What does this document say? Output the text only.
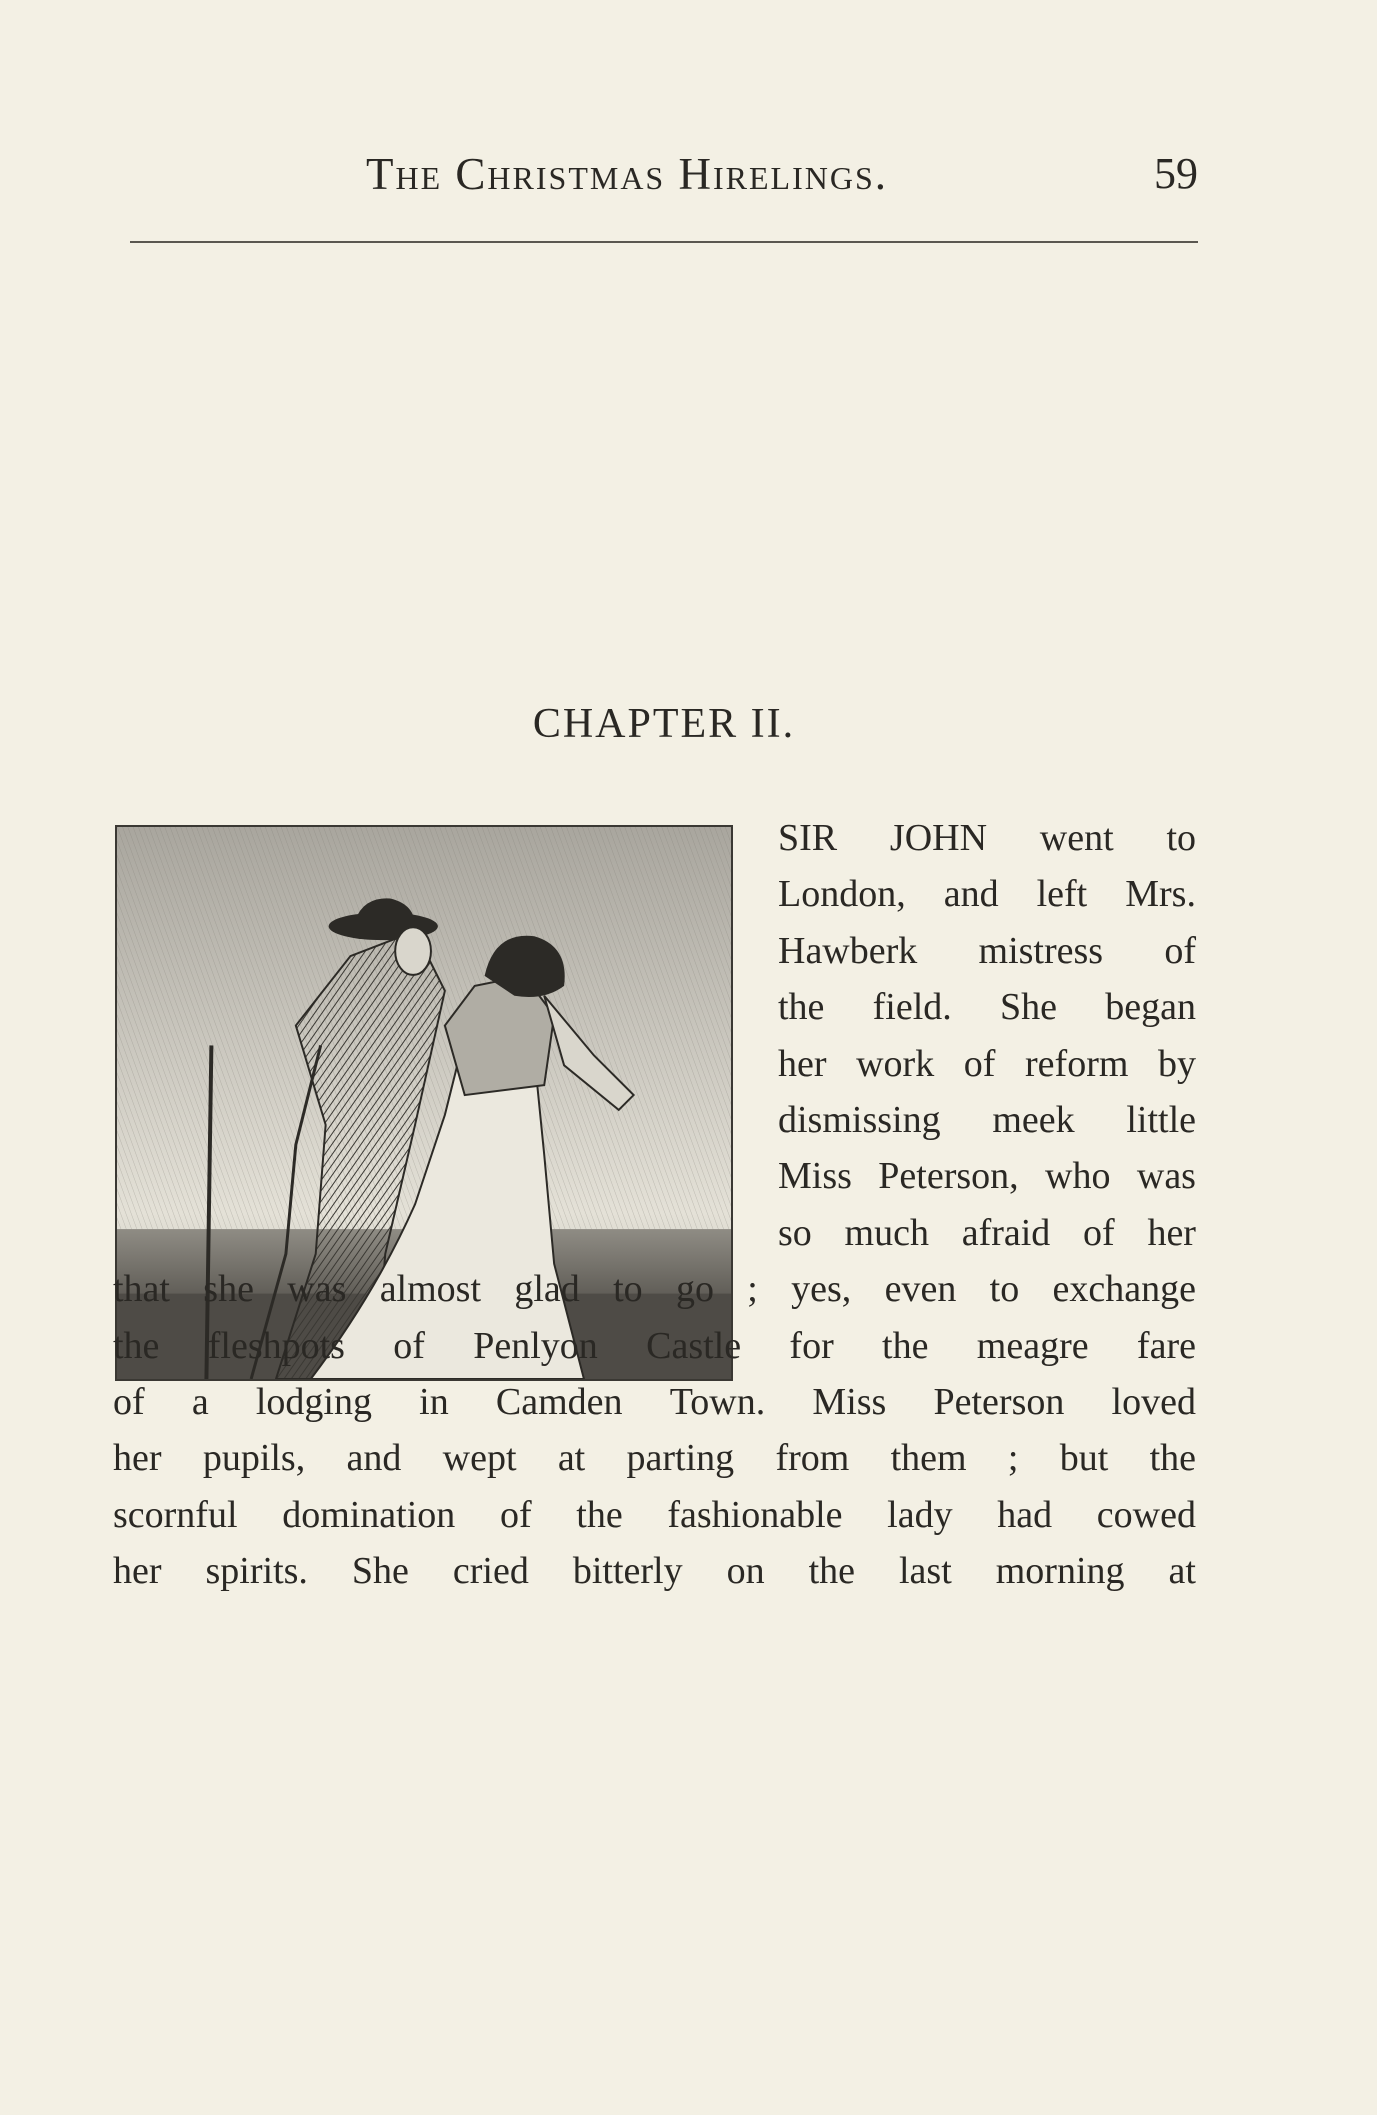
The Christmas Hirelings.	59
CHAPTER II.
SIR JOHN went to
London, and left Mrs.
Hawberk mistress of
the field. She began
her work of reform by
dismissing meek little
Miss Peterson, who was
so much afraid of her
that she was almost glad to go ; yes, even to exchange
the fleshpots of Penlyon Castle for the meagre fare
of a lodging in Camden Town. Miss Peterson loved
her pupils, and wept at parting from them ; but the
scornful domination of the fashionable lady had cowed
her spirits. She cried bitterly on the last morning at
